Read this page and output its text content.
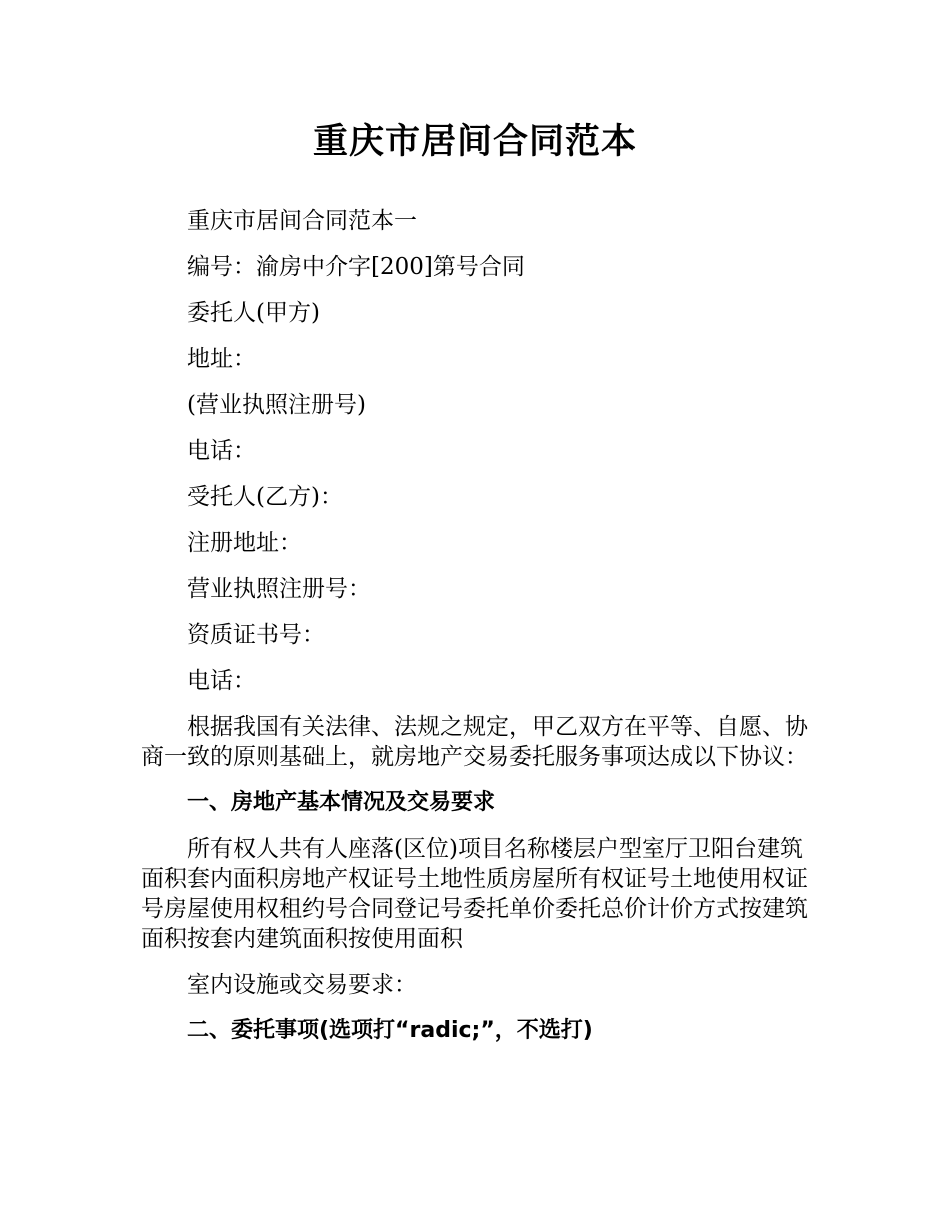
重庆市居间合同范本

重庆市居间合同范本一

编号：渝房中介字[200]第号合同

委托人(甲方)

地址：

(营业执照注册号)

电话：

受托人(乙方)：

注册地址：

营业执照注册号：

资质证书号：

电话：

根据我国有关法律、法规之规定，甲乙双方在平等、自愿、协商一致的原则基础上，就房地产交易委托服务事项达成以下协议：

一、房地产基本情况及交易要求

所有权人共有人座落(区位)项目名称楼层户型室厅卫阳台建筑面积套内面积房地产权证号土地性质房屋所有权证号土地使用权证号房屋使用权租约号合同登记号委托单价委托总价计价方式按建筑面积按套内建筑面积按使用面积

室内设施或交易要求：

二、委托事项(选项打“radic;”，不选打)
